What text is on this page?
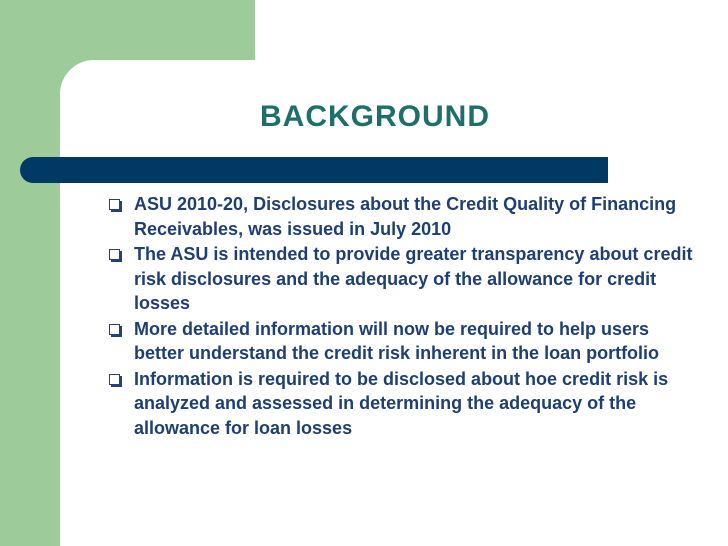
BACKGROUND
ASU 2010-20, Disclosures about the Credit Quality of Financing Receivables, was issued in July 2010
The ASU is intended to provide greater transparency about credit risk disclosures and the adequacy of the allowance for credit losses
More detailed information will now be required to help users better understand the credit risk inherent in the loan portfolio
Information is required to be disclosed about hoe credit risk is analyzed and assessed in determining the adequacy of the allowance for loan losses
